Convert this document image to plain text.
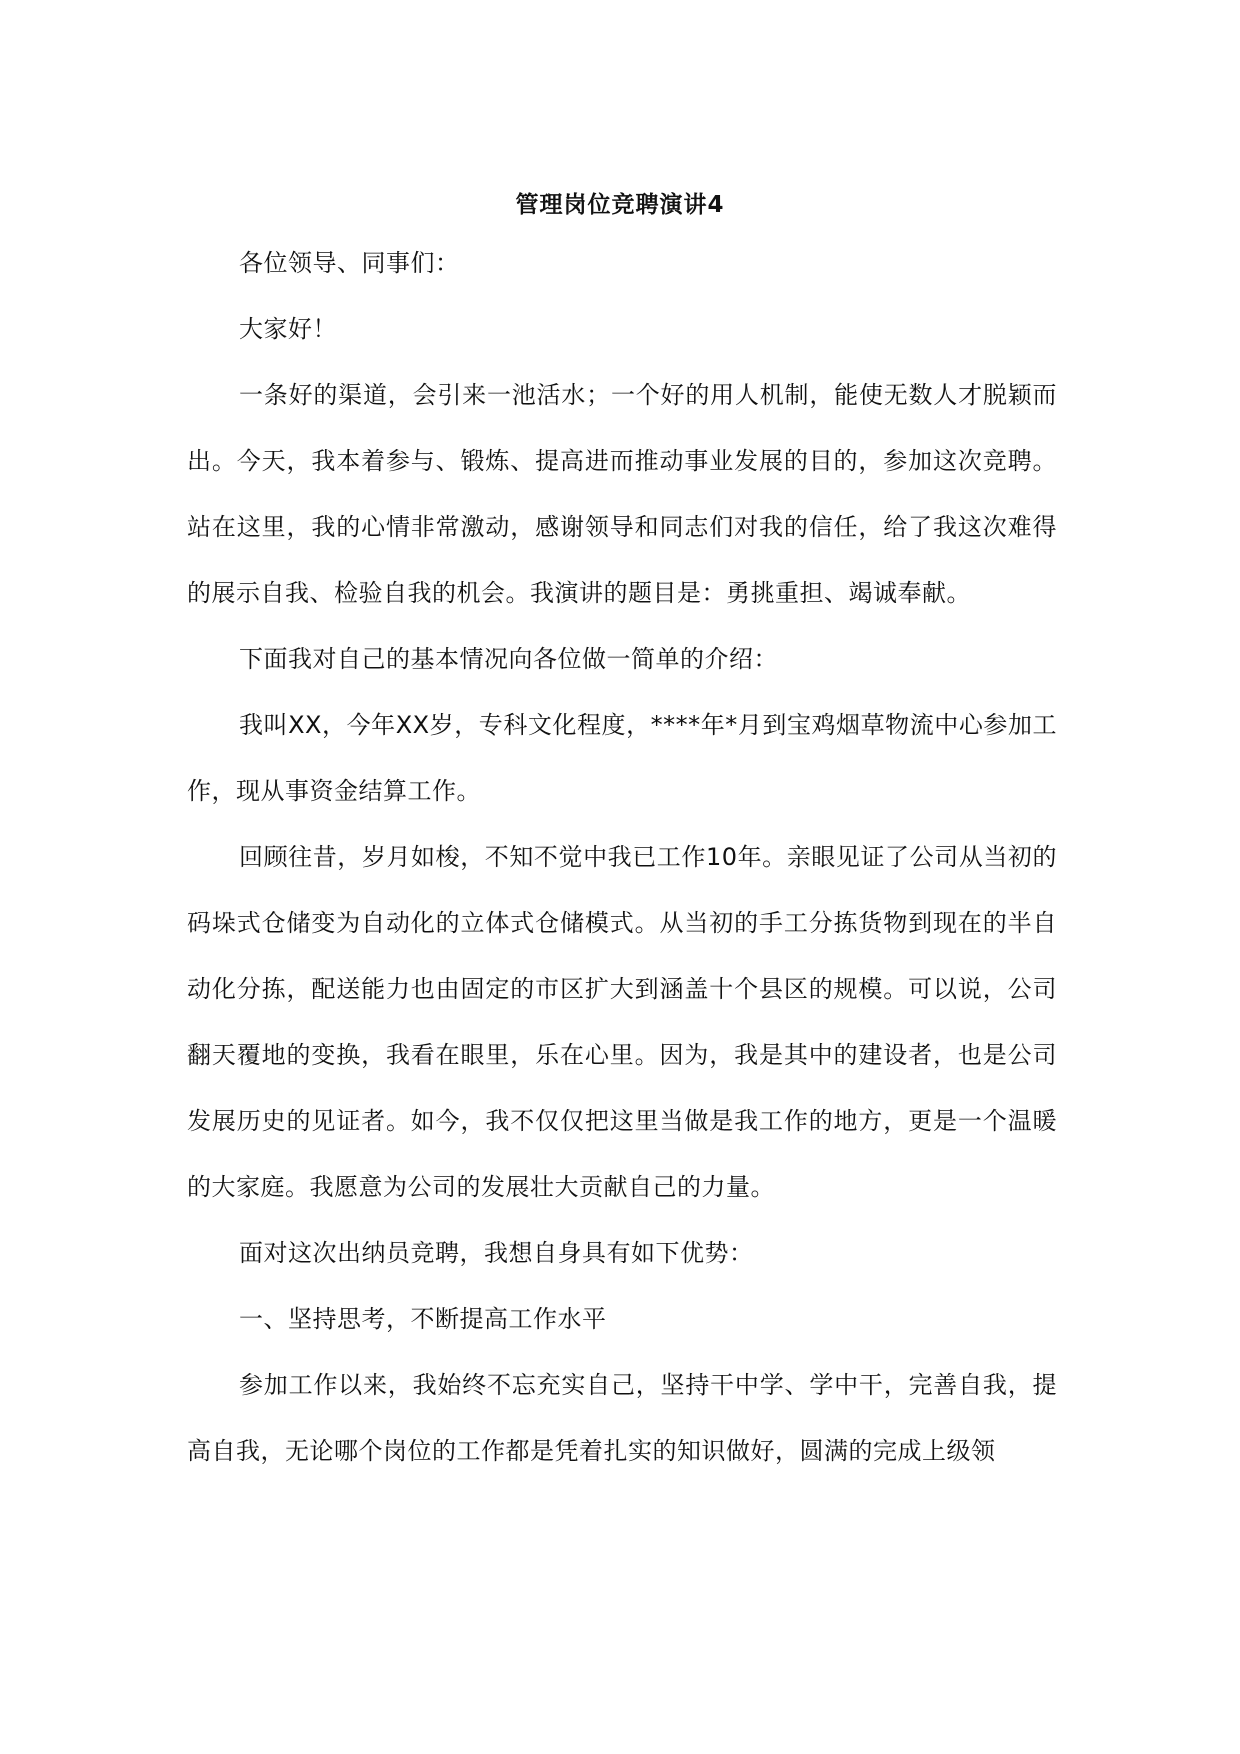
管理岗位竞聘演讲4

各位领导、同事们：

大家好！

一条好的渠道，会引来一池活水；一个好的用人机制，能使无数人才脱颖而出。今天，我本着参与、锻炼、提高进而推动事业发展的目的，参加这次竞聘。站在这里，我的心情非常激动，感谢领导和同志们对我的信任，给了我这次难得的展示自我、检验自我的机会。我演讲的题目是：勇挑重担、竭诚奉献。

下面我对自己的基本情况向各位做一简单的介绍：

我叫XX，今年XX岁，专科文化程度，****年*月到宝鸡烟草物流中心参加工作，现从事资金结算工作。

回顾往昔，岁月如梭，不知不觉中我已工作10年。亲眼见证了公司从当初的码垛式仓储变为自动化的立体式仓储模式。从当初的手工分拣货物到现在的半自动化分拣，配送能力也由固定的市区扩大到涵盖十个县区的规模。可以说，公司翻天覆地的变换，我看在眼里，乐在心里。因为，我是其中的建设者，也是公司发展历史的见证者。如今，我不仅仅把这里当做是我工作的地方，更是一个温暖的大家庭。我愿意为公司的发展壮大贡献自己的力量。

面对这次出纳员竞聘，我想自身具有如下优势：

一、坚持思考，不断提高工作水平

参加工作以来，我始终不忘充实自己，坚持干中学、学中干，完善自我，提高自我，无论哪个岗位的工作都是凭着扎实的知识做好，圆满的完成上级领
